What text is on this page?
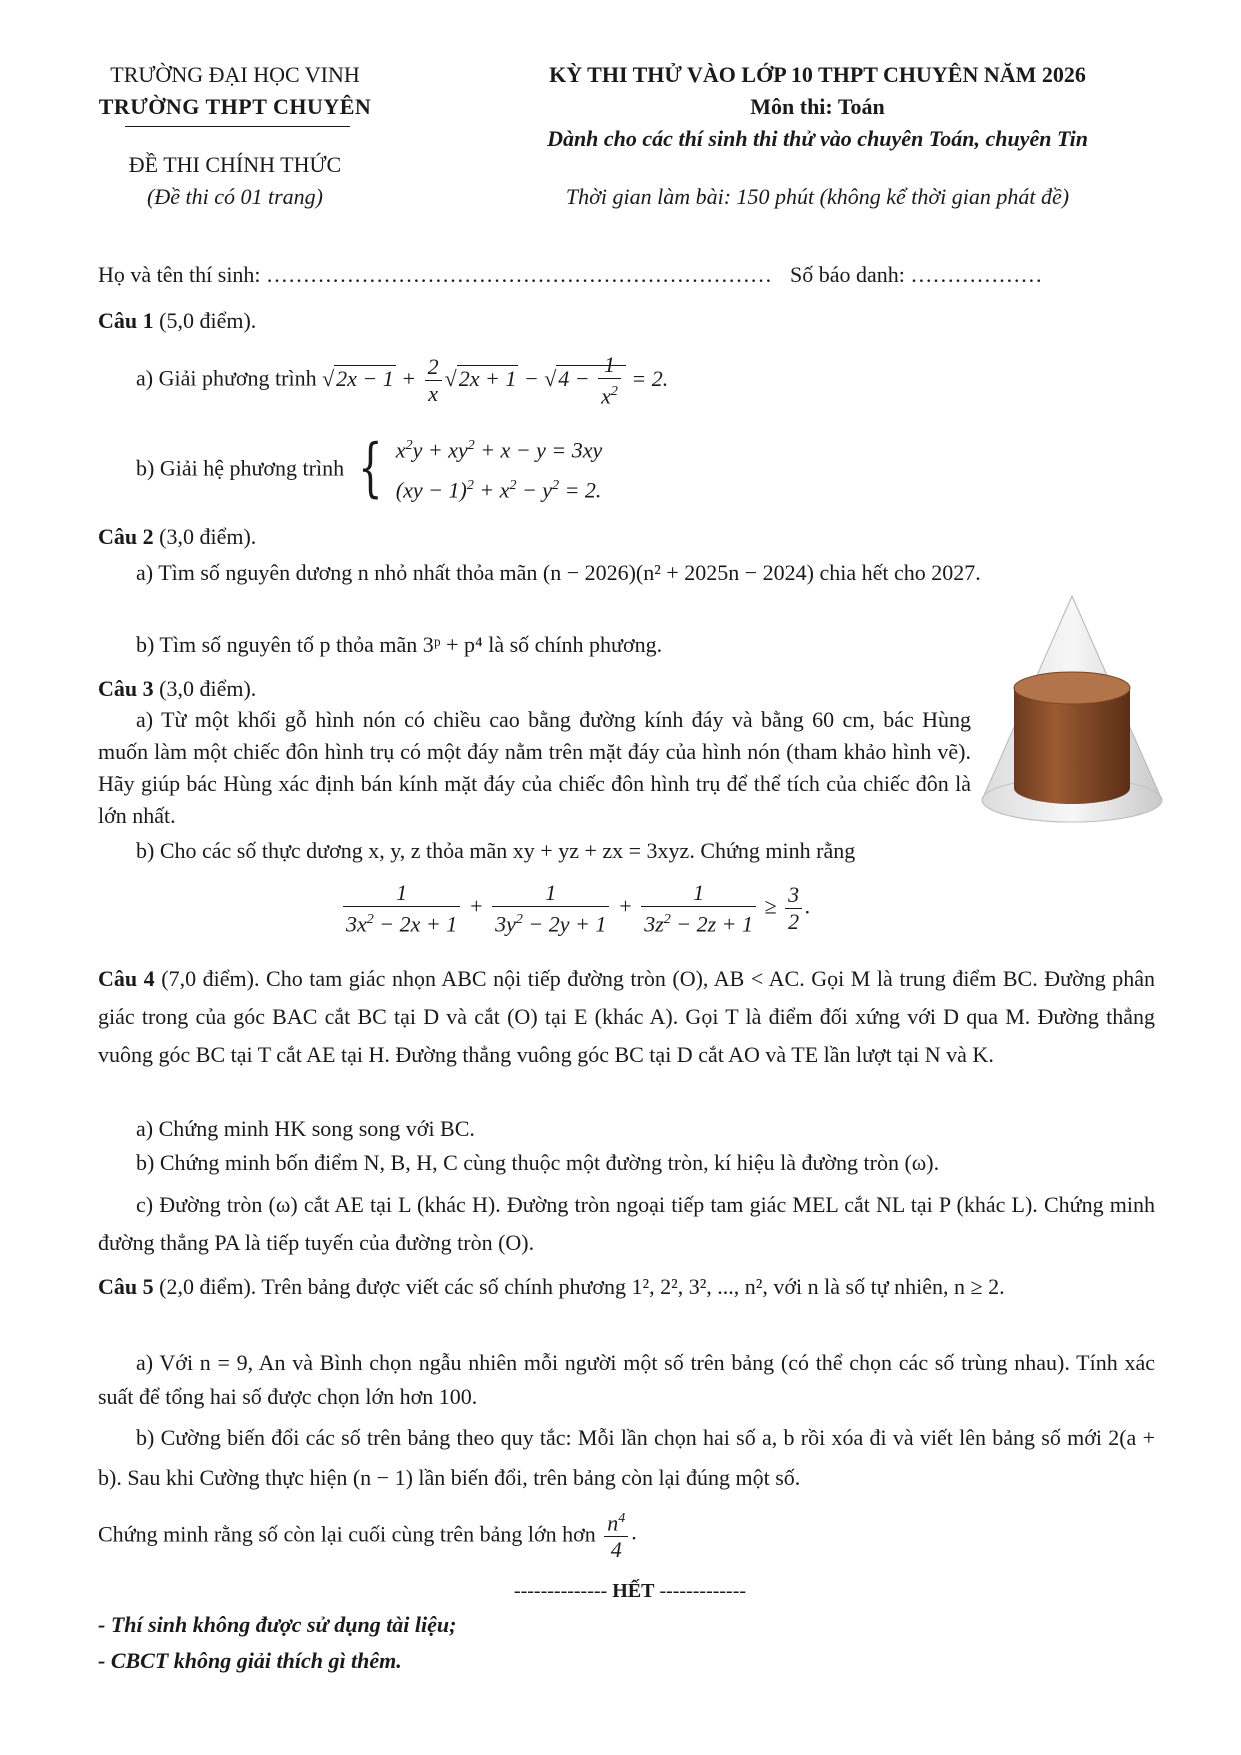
TRƯỜNG ĐẠI HỌC VINH
TRƯỜNG THPT CHUYÊN
ĐỀ THI CHÍNH THỨC
(Đề thi có 01 trang)
KỲ THI THỬ VÀO LỚP 10 THPT CHUYÊN NĂM 2026
Môn thi: Toán
Dành cho các thí sinh thi thử vào chuyên Toán, chuyên Tin
Thời gian làm bài: 150 phút (không kể thời gian phát đề)
Họ và tên thí sinh: …………………………………………………………… Số báo danh: ………………
Câu 1 (5,0 điểm).
a) Giải phương trình $√2x - 1 + \frac{2}{x} √2x + 1 - √4 - \frac{1}{x^2} = 2$.
b) Giải hệ phương trình { $x^2y + xy^2 + x - y = 3xy$
$(xy - 1)^2 + x^2 - y^2 = 2$.
Câu 2 (3,0 điểm).
a) Tìm số nguyên dương n nhỏ nhất thỏa mãn (n − 2026)(n² + 2025n − 2024) chia hết cho 2027.
b) Tìm số nguyên tố p thỏa mãn 3ᵖ + p⁴ là số chính phương.
Câu 3 (3,0 điểm).
a) Từ một khối gỗ hình nón có chiều cao bằng đường kính đáy và bằng 60 cm, bác Hùng muốn làm một chiếc đôn hình trụ có một đáy nằm trên mặt đáy của hình nón (tham khảo hình vẽ). Hãy giúp bác Hùng xác định bán kính mặt đáy của chiếc đôn hình trụ để thể tích của chiếc đôn là lớn nhất.
b) Cho các số thực dương x, y, z thỏa mãn xy + yz + zx = 3xyz. Chứng minh rằng
$\frac{1}{3x^2 - 2x + 1} + \frac{1}{3y^2 - 2y + 1} + \frac{1}{3z^2 - 2z + 1} \ge \frac{3}{2}$ .
Câu 4 (7,0 điểm). Cho tam giác nhọn ABC nội tiếp đường tròn (O), AB < AC. Gọi M là trung điểm BC. Đường phân giác trong của góc BAC cắt BC tại D và cắt (O) tại E (khác A). Gọi T là điểm đối xứng với D qua M. Đường thẳng vuông góc BC tại T cắt AE tại H. Đường thẳng vuông góc BC tại D cắt AO và TE lần lượt tại N và K.
a) Chứng minh HK song song với BC.
b) Chứng minh bốn điểm N, B, H, C cùng thuộc một đường tròn, kí hiệu là đường tròn (ω).
c) Đường tròn (ω) cắt AE tại L (khác H). Đường tròn ngoại tiếp tam giác MEL cắt NL tại P (khác L). Chứng minh đường thẳng PA là tiếp tuyến của đường tròn (O).
Câu 5 (2,0 điểm). Trên bảng được viết các số chính phương 1², 2², 3², ..., n², với n là số tự nhiên, n ≥ 2.
a) Với n = 9, An và Bình chọn ngẫu nhiên mỗi người một số trên bảng (có thể chọn các số trùng nhau). Tính xác suất để tổng hai số được chọn lớn hơn 100.
b) Cường biến đổi các số trên bảng theo quy tắc: Mỗi lần chọn hai số a, b rồi xóa đi và viết lên bảng số mới 2(a + b). Sau khi Cường thực hiện (n − 1) lần biến đổi, trên bảng còn lại đúng một số.
Chứng minh rằng số còn lại cuối cùng trên bảng lớn hơn $\frac{n^4}{4}$ .
-------------- HẾT -------------
- Thí sinh không được sử dụng tài liệu;
- CBCT không giải thích gì thêm.
